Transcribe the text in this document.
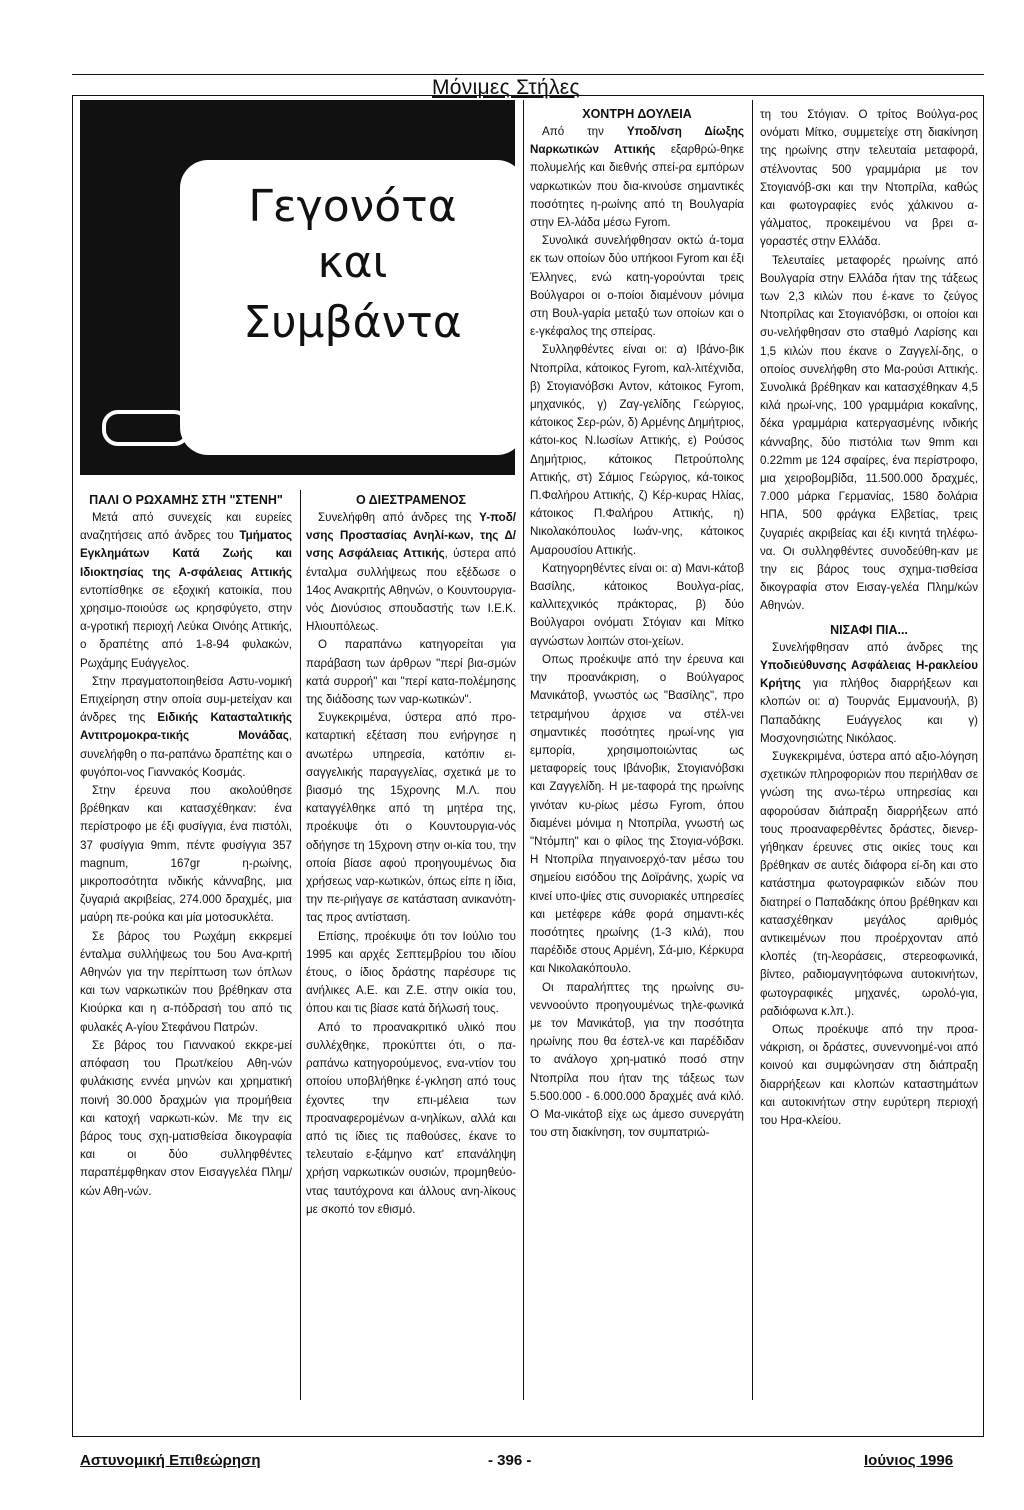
Μόνιμες Στήλες
Γεγονότα
και
Συμβάντα
ΠΑΛΙ Ο ΡΩΧΑΜΗΣ ΣΤΗ "ΣΤΕΝΗ"

Μετά από συνεχείς και ευρείες αναζητήσεις από άνδρες του Τμήματος Εγκλημάτων Κατά Ζωής και Ιδιοκτησίας της Α-σφάλειας Αττικής εντοπίσθηκε σε εξοχική κατοικία, που χρησιμο-ποιούσε ως κρησφύγετο, στην α-γροτική περιοχή Λεύκα Οινόης Αττικής, ο δραπέτης από 1-8-94 φυλακών, Ρωχάμης Ευάγγελος.

Στην πραγματοποιηθείσα Αστυ-νομική Επιχείρηση στην οποία συμ-μετείχαν και άνδρες της Ειδικής Κατασταλτικής Αντιτρομοκρα-τικής Μονάδας, συνελήφθη ο πα-ραπάνω δραπέτης και ο φυγόποι-νος Γιαννακός Κοσμάς.

Στην έρευνα που ακολούθησε βρέθηκαν και κατασχέθηκαν: ένα περίστροφο με έξι φυσίγγια, ένα πιστόλι, 37 φυσίγγια 9mm, πέντε φυσίγγια 357 magnum, 167gr η-ρωίνης, μικροποσότητα ινδικής κάνναβης, μια ζυγαριά ακριβείας, 274.000 δραχμές, μια μαύρη πε-ρούκα και μία μοτοσυκλέτα.

Σε βάρος του Ρωχάμη εκκρεμεί ένταλμα συλλήψεως του 5ου Ανα-κριτή Αθηνών για την περίπτωση των όπλων και των ναρκωτικών που βρέθηκαν στα Κιούρκα και η α-πόδρασή του από τις φυλακές Α-γίου Στεφάνου Πατρών.

Σε βάρος του Γιαννακού εκκρε-μεί απόφαση του Πρωτ/κείου Αθη-νών φυλάκισης εννέα μηνών και χρηματική ποινή 30.000 δραχμών για προμήθεια και κατοχή ναρκωτι-κών. Με την εις βάρος τους σχη-ματισθείσα δικογραφία και οι δύο συλληφθέντες παραπέμφθηκαν στον Εισαγγελέα Πλημ/κών Αθη-νών.

Ο ΔΙΕΣΤΡΑΜΕΝΟΣ

Συνελήφθη από άνδρες της Υ-ποδ/νσης Προστασίας Ανηλί-κων, της Δ/νσης Ασφάλειας Αττικής, ύστερα από ένταλμα συλλήψεως που εξέδωσε ο 14ος Ανακριτής Αθηνών, ο Κουντουργια-νός Διονύσιος σπουδαστής των Ι.Ε.Κ. Ηλιουπόλεως.

Ο παραπάνω κατηγορείται για παράβαση των άρθρων "περί βια-σμών κατά συρροή" και "περί κατα-πολέμησης της διάδοσης των ναρ-κωτικών".

Συγκεκριμένα, ύστερα από προ-καταρτική εξέταση που ενήργησε η ανωτέρω υπηρεσία, κατόπιν ει-σαγγελικής παραγγελίας, σχετικά με το βιασμό της 15χρονης Μ.Λ. που καταγγέλθηκε από τη μητέρα της, προέκυψε ότι ο Κουντουργια-νός οδήγησε τη 15χρονη στην οι-κία του, την οποία βίασε αφού προηγουμένως δια χρήσεως ναρ-κωτικών, όπως είπε η ίδια, την πε-ριήγαγε σε κατάσταση ανικανότη-τας προς αντίσταση.

Επίσης, προέκυψε ότι τον Ιούλιο του 1995 και αρχές Σεπτεμβρίου του ιδίου έτους, ο ίδιος δράστης παρέσυρε τις ανήλικες Α.Ε. και Ζ.Ε. στην οικία του, όπου και τις βίασε κατά δήλωσή τους.

Από το προανακριτικό υλικό που συλλέχθηκε, προκύπτει ότι, ο πα-ραπάνω κατηγορούμενος, ενα-ντίον του οποίου υποβλήθηκε έ-γκληση από τους έχοντες την επι-μέλεια των προαναφερομένων α-νηλίκων, αλλά και από τις ίδιες τις παθούσες, έκανε το τελευταίο ε-ξάμηνο κατ' επανάληψη χρήση ναρκωτικών ουσιών, προμηθεύο-ντας ταυτόχρονα και άλλους ανη-λίκους με σκοπό τον εθισμό.

ΧΟΝΤΡΗ ΔΟΥΛΕΙΑ

Από την Υποδ/νση Δίωξης Ναρκωτικών Αττικής εξαρθρώ-θηκε πολυμελής και διεθνής σπεί-ρα εμπόρων ναρκωτικών που δια-κινούσε σημαντικές ποσότητες η-ρωίνης από τη Βουλγαρία στην Ελ-λάδα μέσω Fyrom.

Συνολικά συνελήφθησαν οκτώ ά-τομα εκ των οποίων δύο υπήκοοι Fyrom και έξι Έλληνες, ενώ κατη-γορούνται τρεις Βούλγαροι οι ο-ποίοι διαμένουν μόνιμα στη Βουλ-γαρία μεταξύ των οποίων και ο ε-γκέφαλος της σπείρας.

Συλληφθέντες είναι οι: α) Ιβάνο-βικ Ντοπρίλα, κάτοικος Fyrom, καλ-λιτέχνιδα, β) Στογιανόβσκι Αντον, κάτοικος Fyrom, μηχανικός, γ) Ζαγ-γελίδης Γεώργιος, κάτοικος Σερ-ρών, δ) Αρμένης Δημήτριος, κάτοι-κος Ν.Ιωσίων Αττικής, ε) Ρούσος Δημήτριος, κάτοικος Πετρούπολης Αττικής, στ) Σάμιος Γεώργιος, κά-τοικος Π.Φαλήρου Αττικής, ζ) Κέρ-κυρας Ηλίας, κάτοικος Π.Φαλήρου Αττικής, η) Νικολακόπουλος Ιωάν-νης, κάτοικος Αμαρουσίου Αττικής.

Κατηγορηθέντες είναι οι: α) Μανι-κάτοβ Βασίλης, κάτοικος Βουλγα-ρίας, καλλιτεχνικός πράκτορας, β) δύο Βούλγαροι ονόματι Στόγιαν και Μίτκο αγνώστων λοιπών στοι-χείων.

Οπως προέκυψε από την έρευνα και την προανάκριση, ο Βούλγαρος Μανικάτοβ, γνωστός ως "Βασίλης", προ τετραμήνου άρχισε να στέλ-νει σημαντικές ποσότητες ηρωί-νης για εμπορία, χρησιμοποιώντας ως μεταφορείς τους Ιβάνοβικ, Στογιανόβσκι και Ζαγγελίδη. Η με-ταφορά της ηρωίνης γινόταν κυ-ρίως μέσω Fyrom, όπου διαμένει μόνιμα η Ντοπρίλα, γνωστή ως "Ντόμπη" και ο φίλος της Στογια-νόβσκι. Η Ντοπρίλα πηγαινοερχό-ταν μέσω του σημείου εισόδου της Δοϊράνης, χωρίς να κινεί υπο-ψίες στις συνοριακές υπηρεσίες και μετέφερε κάθε φορά σημαντι-κές ποσότητες ηρωίνης (1-3 κιλά), που παρέδιδε στους Αρμένη, Σά-μιο, Κέρκυρα και Νικολακόπουλο.

Οι παραλήπτες της ηρωίνης συ-νεννοούντο προηγουμένως τηλε-φωνικά με τον Μανικάτοβ, για την ποσότητα ηρωίνης που θα έστελ-νε και παρέδιδαν το ανάλογο χρη-ματικό ποσό στην Ντοπρίλα που ήταν της τάξεως των 5.500.000 - 6.000.000 δραχμές ανά κιλό. Ο Μα-νικάτοβ είχε ως άμεσο συνεργάτη του στη διακίνηση, τον συμπατριώ-

τη του Στόγιαν. Ο τρίτος Βούλγα-ρος ονόματι Μίτκο, συμμετείχε στη διακίνηση της ηρωίνης στην τελευταία μεταφορά, στέλνοντας 500 γραμμάρια με τον Στογιανόβ-σκι και την Ντοπρίλα, καθώς και φωτογραφίες ενός χάλκινου α-γάλματος, προκειμένου να βρει α-γοραστές στην Ελλάδα.

Τελευταίες μεταφορές ηρωίνης από Βουλγαρία στην Ελλάδα ήταν της τάξεως των 2,3 κιλών που έ-κανε το ζεύγος Ντοπρίλας και Στογιανόβσκι, οι οποίοι και συ-νελήφθησαν στο σταθμό Λαρίσης και 1,5 κιλών που έκανε ο Ζαγγελί-δης, ο οποίος συνελήφθη στο Μα-ρούσι Αττικής. Συνολικά βρέθηκαν και κατασχέθηκαν 4,5 κιλά ηρωί-νης, 100 γραμμάρια κοκαΐνης, δέκα γραμμάρια κατεργασμένης ινδικής κάνναβης, δύο πιστόλια των 9mm και 0.22mm με 124 σφαίρες, ένα περίστροφο, μια χειροβομβίδα, 11.500.000 δραχμές, 7.000 μάρκα Γερμανίας, 1580 δολάρια ΗΠΑ, 500 φράγκα Ελβετίας, τρεις ζυγαριές ακριβείας και έξι κινητά τηλέφω-να. Οι συλληφθέντες συνοδεύθη-καν με την εις βάρος τους σχημα-τισθείσα δικογραφία στον Εισαγ-γελέα Πλημ/κών Αθηνών.

ΝΙΣΑΦΙ ΠΙΑ...

Συνελήφθησαν από άνδρες της Υποδιεύθυνσης Ασφάλειας Η-ρακλείου Κρήτης για πλήθος διαρρήξεων και κλοπών οι: α) Τουρνάς Εμμανουήλ, β) Παπαδάκης Ευάγγελος και γ) Μοσχονησιώτης Νικόλαος.

Συγκεκριμένα, ύστερα από αξιο-λόγηση σχετικών πληροφοριών που περιήλθαν σε γνώση της ανω-τέρω υπηρεσίας και αφορούσαν διάπραξη διαρρήξεων από τους προαναφερθέντες δράστες, διενερ-γήθηκαν έρευνες στις οικίες τους και βρέθηκαν σε αυτές διάφορα εί-δη και στο κατάστημα φωτογραφικών ειδών που διατηρεί ο Παπαδάκης όπου βρέθηκαν και κατασχέθηκαν μεγάλος αριθμός αντικειμένων που προέρχονταν από κλοπές (τη-λεοράσεις, στερεοφωνικά, βίντεο, ραδιομαγνητόφωνα αυτοκινήτων, φωτογραφικές μηχανές, ωρολό-για, ραδιόφωνα κ.λπ.).

Οπως προέκυψε από την προα-νάκριση, οι δράστες, συνεννοημέ-νοι από κοινού και συμφώνησαν στη διάπραξη διαρρήξεων και κλοπών καταστημάτων και αυτοκινήτων στην ευρύτερη περιοχή του Ηρα-κλείου.

Αστυνομική Επιθεώρηση	- 396 -	Ιούνιος 1996
